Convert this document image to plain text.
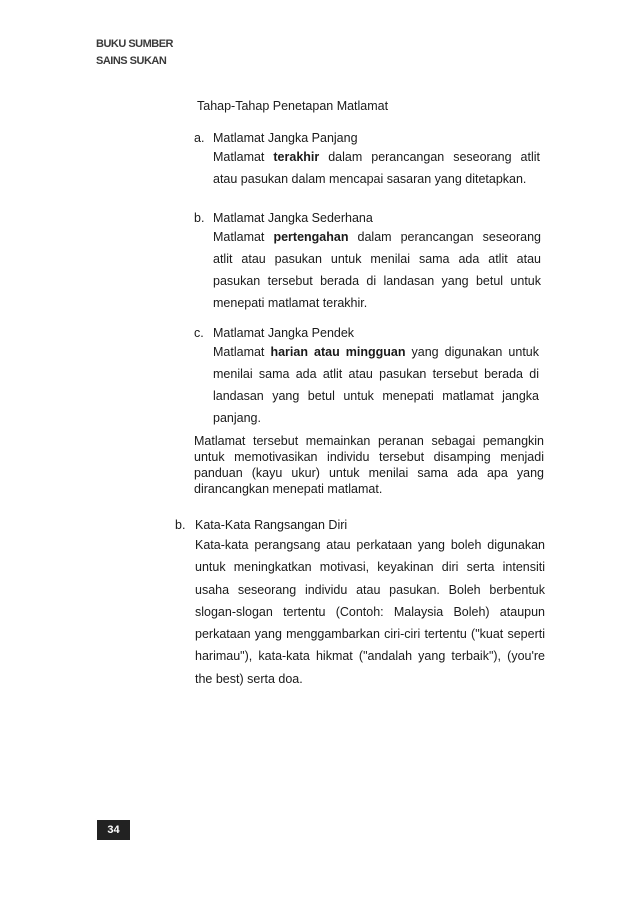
BUKU SUMBER
SAINS SUKAN
Tahap-Tahap Penetapan Matlamat
a. Matlamat Jangka Panjang
Matlamat terakhir dalam perancangan seseorang atlit atau pasukan dalam mencapai sasaran yang ditetapkan.
b. Matlamat Jangka Sederhana
Matlamat pertengahan dalam perancangan seseorang atlit atau pasukan untuk menilai sama ada atlit atau pasukan tersebut berada di landasan yang betul untuk menepati matlamat terakhir.
c. Matlamat Jangka Pendek
Matlamat harian atau mingguan yang digunakan untuk menilai sama ada atlit atau pasukan tersebut berada di landasan yang betul untuk menepati matlamat jangka panjang.
Matlamat tersebut memainkan peranan sebagai pemangkin untuk memotivasikan individu tersebut disamping menjadi panduan (kayu ukur) untuk menilai sama ada apa yang dirancangkan menepati matlamat.
b. Kata-Kata Rangsangan Diri
Kata-kata perangsang atau perkataan yang boleh digunakan untuk meningkatkan motivasi, keyakinan diri serta intensiti usaha seseorang individu atau pasukan. Boleh berbentuk slogan-slogan tertentu (Contoh: Malaysia Boleh) ataupun perkataan yang menggambarkan ciri-ciri tertentu ("kuat seperti harimau"), kata-kata hikmat ("andalah yang terbaik"), (you're the best) serta doa.
34
